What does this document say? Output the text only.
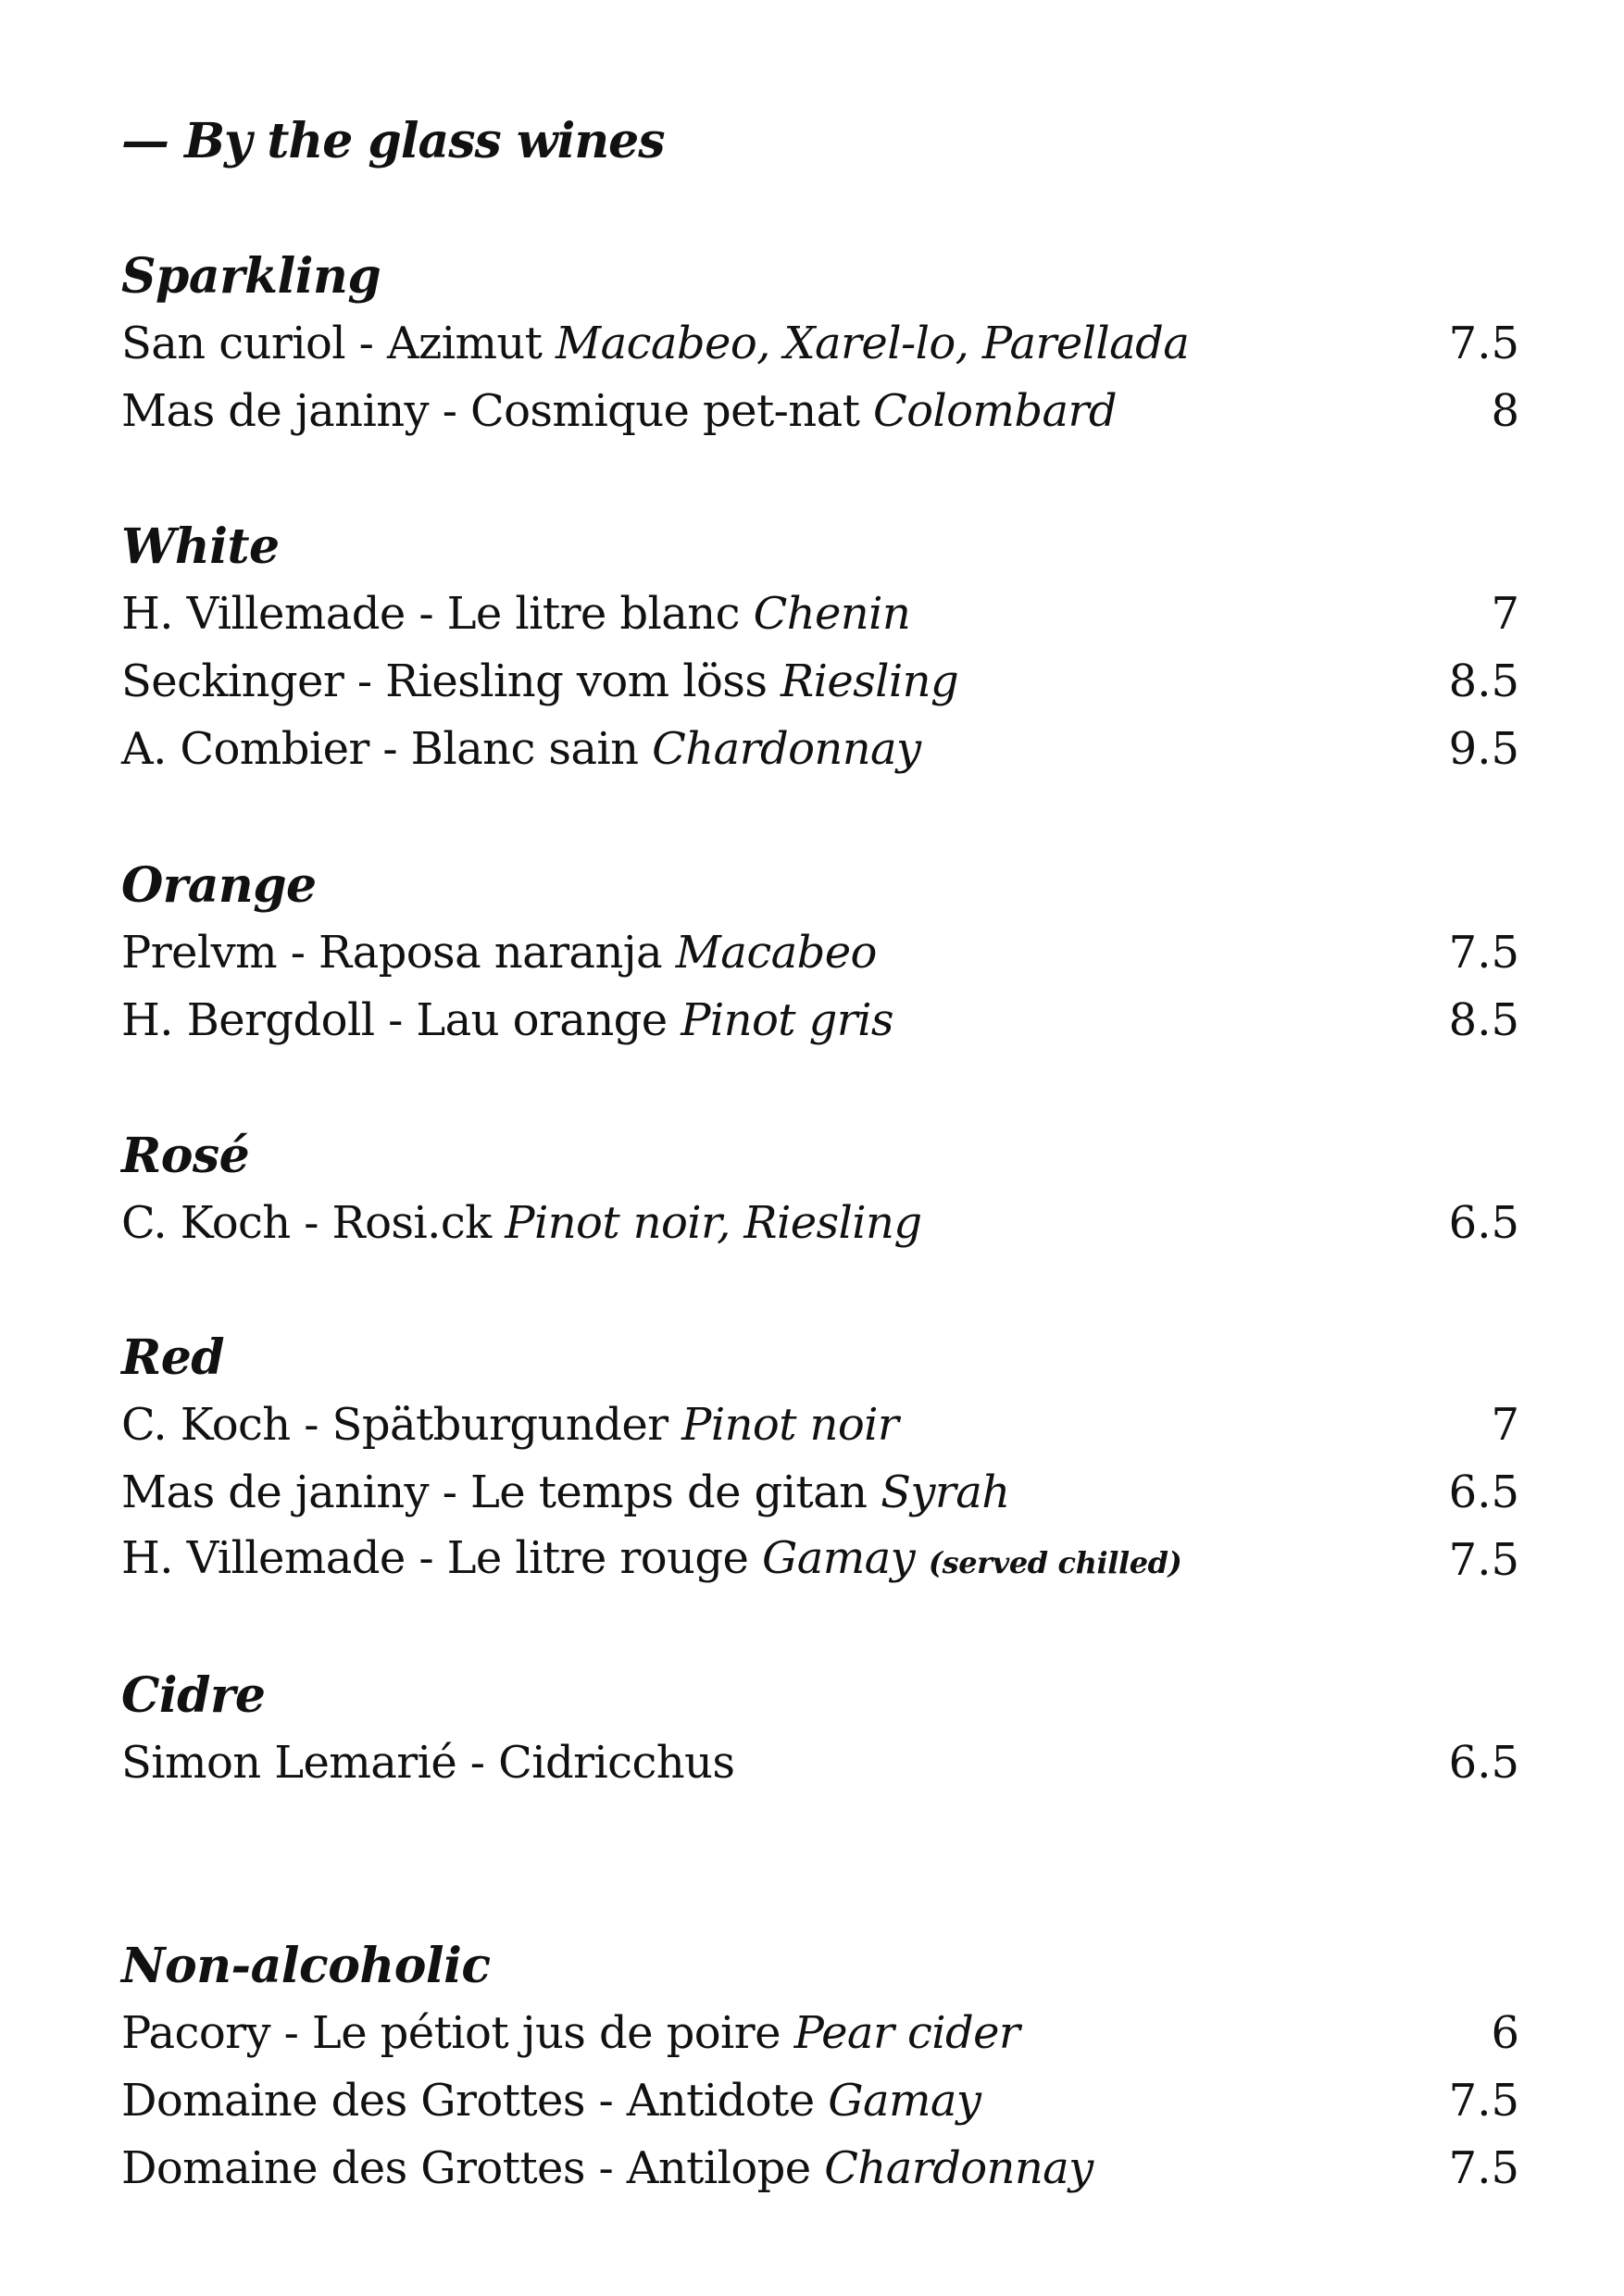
— By the glass wines
Sparkling
San curiol - Azimut Macabeo, Xarel-lo, Parellada	7.5
Mas de janiny - Cosmique pet-nat Colombard	8
White
H. Villemade - Le litre blanc Chenin	7
Seckinger - Riesling vom löss Riesling	8.5
A. Combier - Blanc sain Chardonnay	9.5
Orange
Prelvm - Raposa naranja Macabeo	7.5
H. Bergdoll - Lau orange Pinot gris	8.5
Rosé
C. Koch - Rosi.ck Pinot noir, Riesling	6.5
Red
C. Koch - Spätburgunder Pinot noir	7
Mas de janiny - Le temps de gitan Syrah	6.5
H. Villemade - Le litre rouge Gamay (served chilled)	7.5
Cidre
Simon Lemarié - Cidricchus	6.5
Non-alcoholic
Pacory - Le pétiot jus de poire Pear cider	6
Domaine des Grottes - Antidote Gamay	7.5
Domaine des Grottes - Antilope Chardonnay	7.5
